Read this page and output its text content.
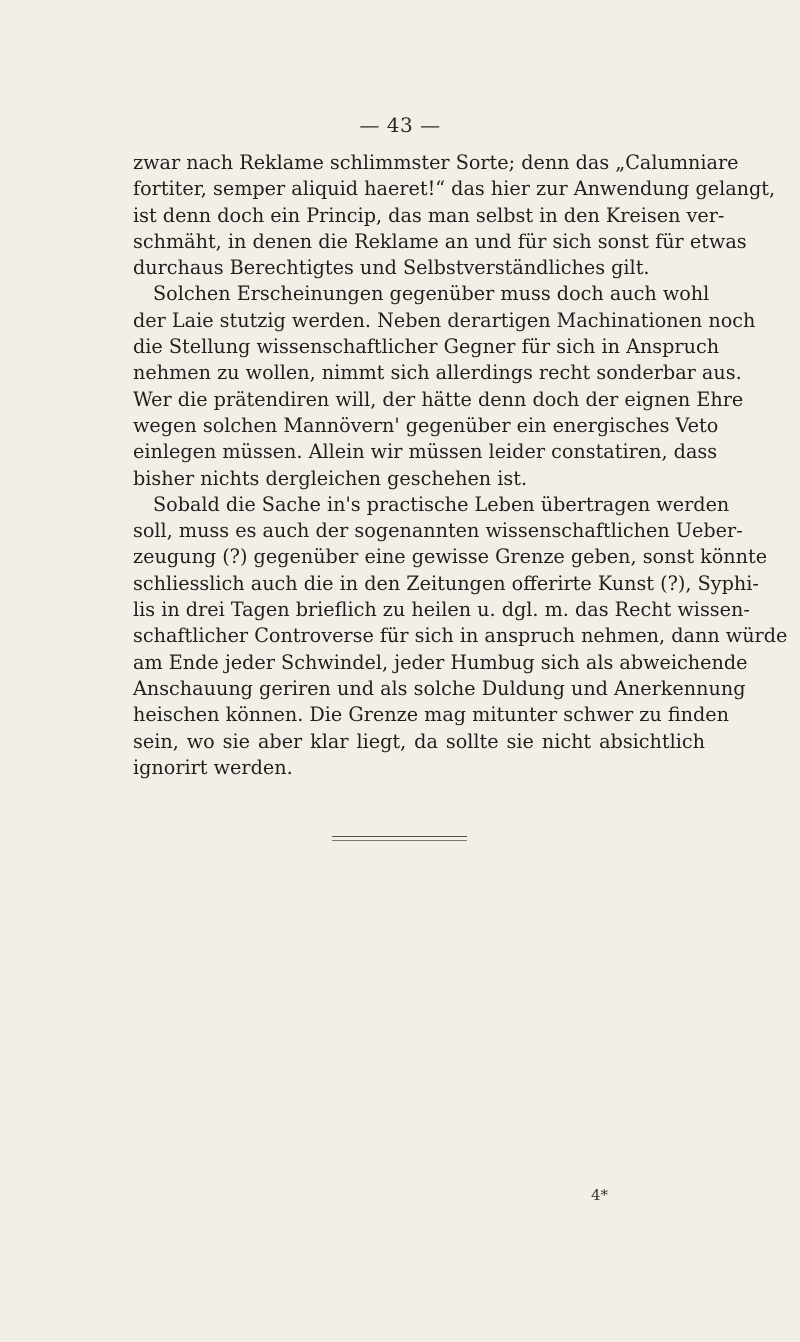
— 43 —
zwar nach Reklame schlimmster Sorte; denn das „Calumniare
fortiter, semper aliquid haeret!“ das hier zur Anwendung gelangt,
ist denn doch ein Princip, das man selbst in den Kreisen ver-
schmäht, in denen die Reklame an und für sich sonst für etwas
durchaus Berechtigtes und Selbstverständliches gilt.
Solchen Erscheinungen gegenüber muss doch auch wohl
der Laie stutzig werden. Neben derartigen Machinationen noch
die Stellung wissenschaftlicher Gegner für sich in Anspruch
nehmen zu wollen, nimmt sich allerdings recht sonderbar aus.
Wer die prätendiren will, der hätte denn doch der eignen Ehre
wegen solchen Mannövern' gegenüber ein energisches Veto
einlegen müssen. Allein wir müssen leider constatiren, dass
bisher nichts dergleichen geschehen ist.
Sobald die Sache in's practische Leben übertragen werden
soll, muss es auch der sogenannten wissenschaftlichen Ueber-
zeugung (?) gegenüber eine gewisse Grenze geben, sonst könnte
schliesslich auch die in den Zeitungen offerirte Kunst (?), Syphi-
lis in drei Tagen brieflich zu heilen u. dgl. m. das Recht wissen-
schaftlicher Controverse für sich in anspruch nehmen, dann würde
am Ende jeder Schwindel, jeder Humbug sich als abweichende
Anschauung geriren und als solche Duldung und Anerkennung
heischen können. Die Grenze mag mitunter schwer zu finden
sein, wo sie aber klar liegt, da sollte sie nicht absichtlich
ignorirt werden.
4*
